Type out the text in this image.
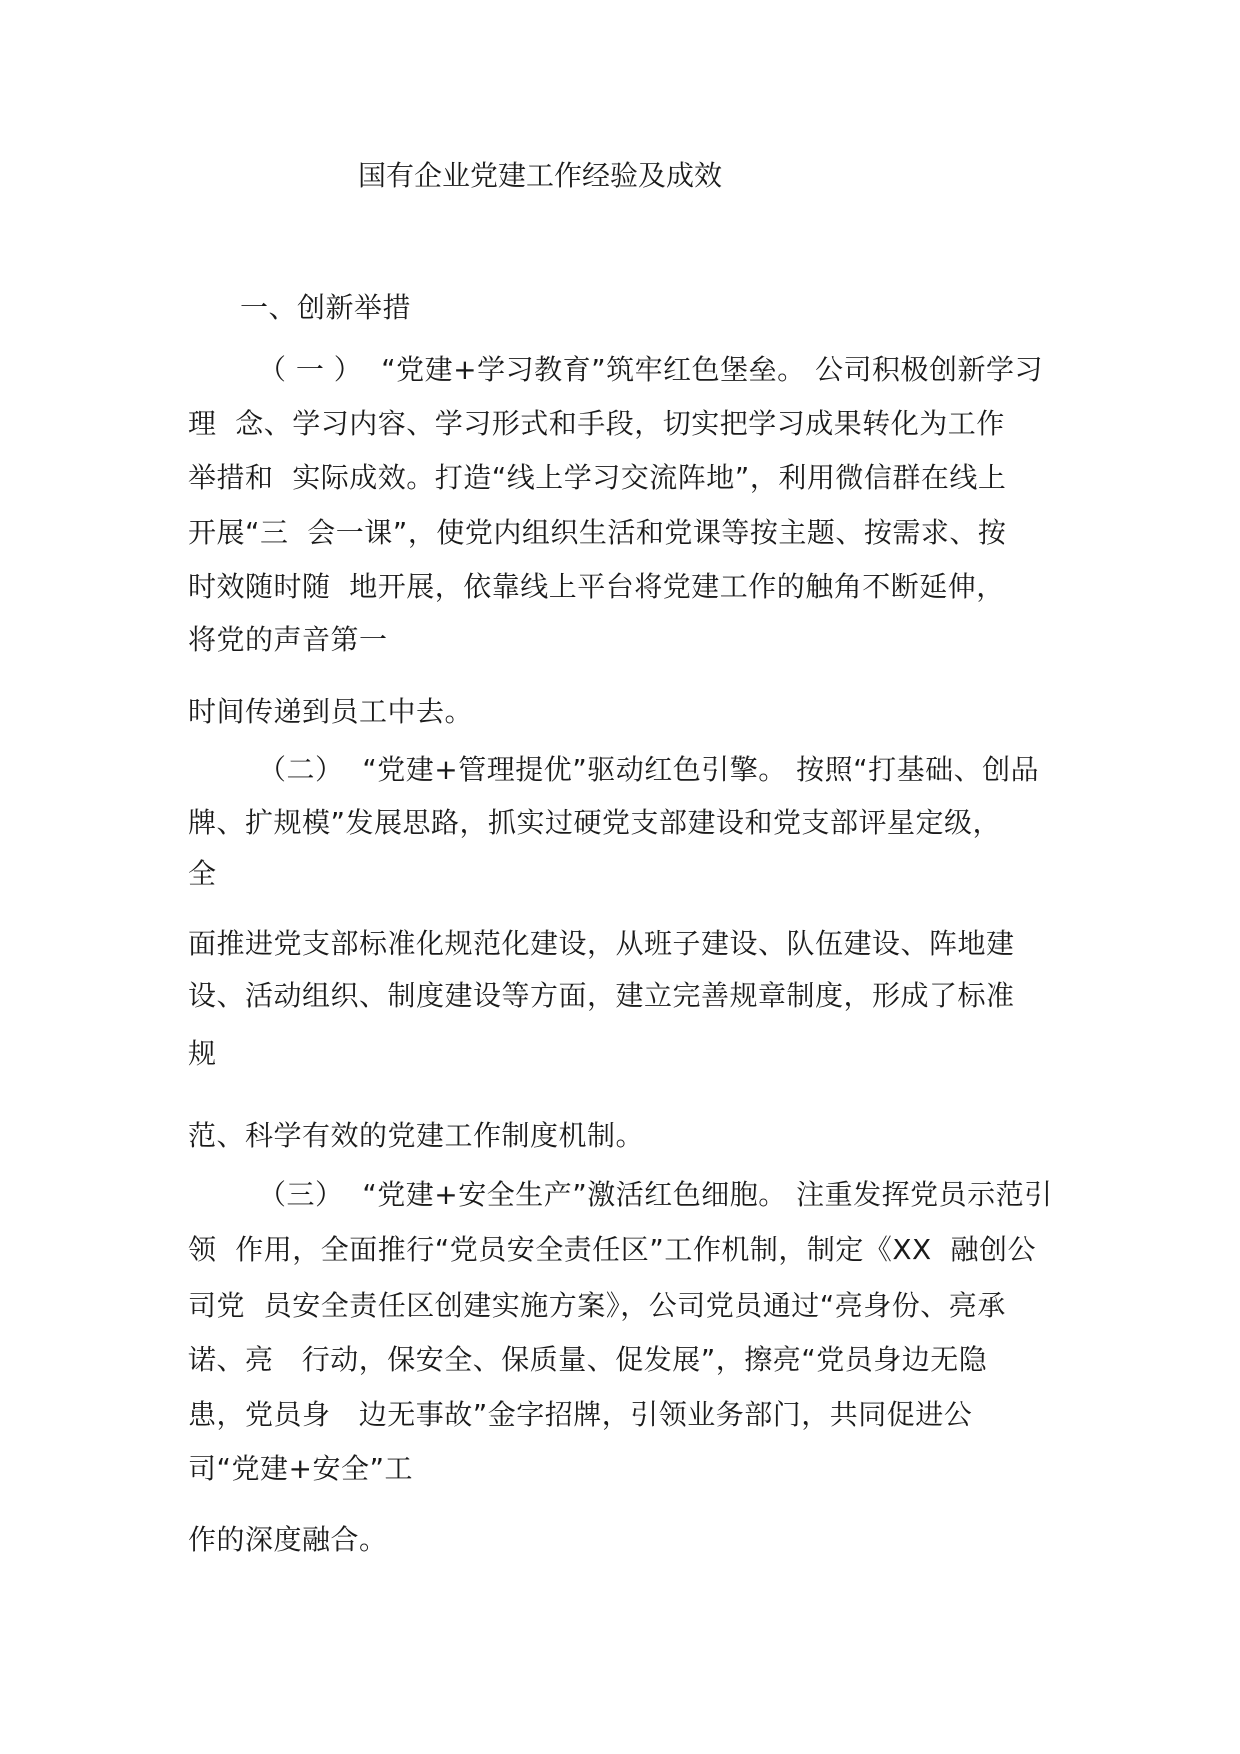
国有企业党建工作经验及成效
一、创新举措
（ 一 ）  “党建+学习教育”筑牢红色堡垒。 公司积极创新学习
理  念、学习内容、学习形式和手段，切实把学习成果转化为工作
举措和  实际成效。打造“线上学习交流阵地”，利用微信群在线上
开展“三  会一课”，使党内组织生活和党课等按主题、按需求、按
时效随时随  地开展，依靠线上平台将党建工作的触角不断延伸，
将党的声音第一
时间传递到员工中去。
（二）  “党建+管理提优”驱动红色引擎。 按照“打基础、创品
牌、扩规模”发展思路，抓实过硬党支部建设和党支部评星定级，
全
面推进党支部标准化规范化建设，从班子建设、队伍建设、阵地建
设、活动组织、制度建设等方面，建立完善规章制度，形成了标准
规
范、科学有效的党建工作制度机制。
（三）  “党建+安全生产”激活红色细胞。 注重发挥党员示范引
领  作用，全面推行“党员安全责任区”工作机制，制定《XX  融创公
司党  员安全责任区创建实施方案》，公司党员通过“亮身份、亮承
诺、亮   行动，保安全、保质量、促发展”，擦亮“党员身边无隐
患，党员身   边无事故”金字招牌，引领业务部门，共同促进公
司“党建+安全”工
作的深度融合。
